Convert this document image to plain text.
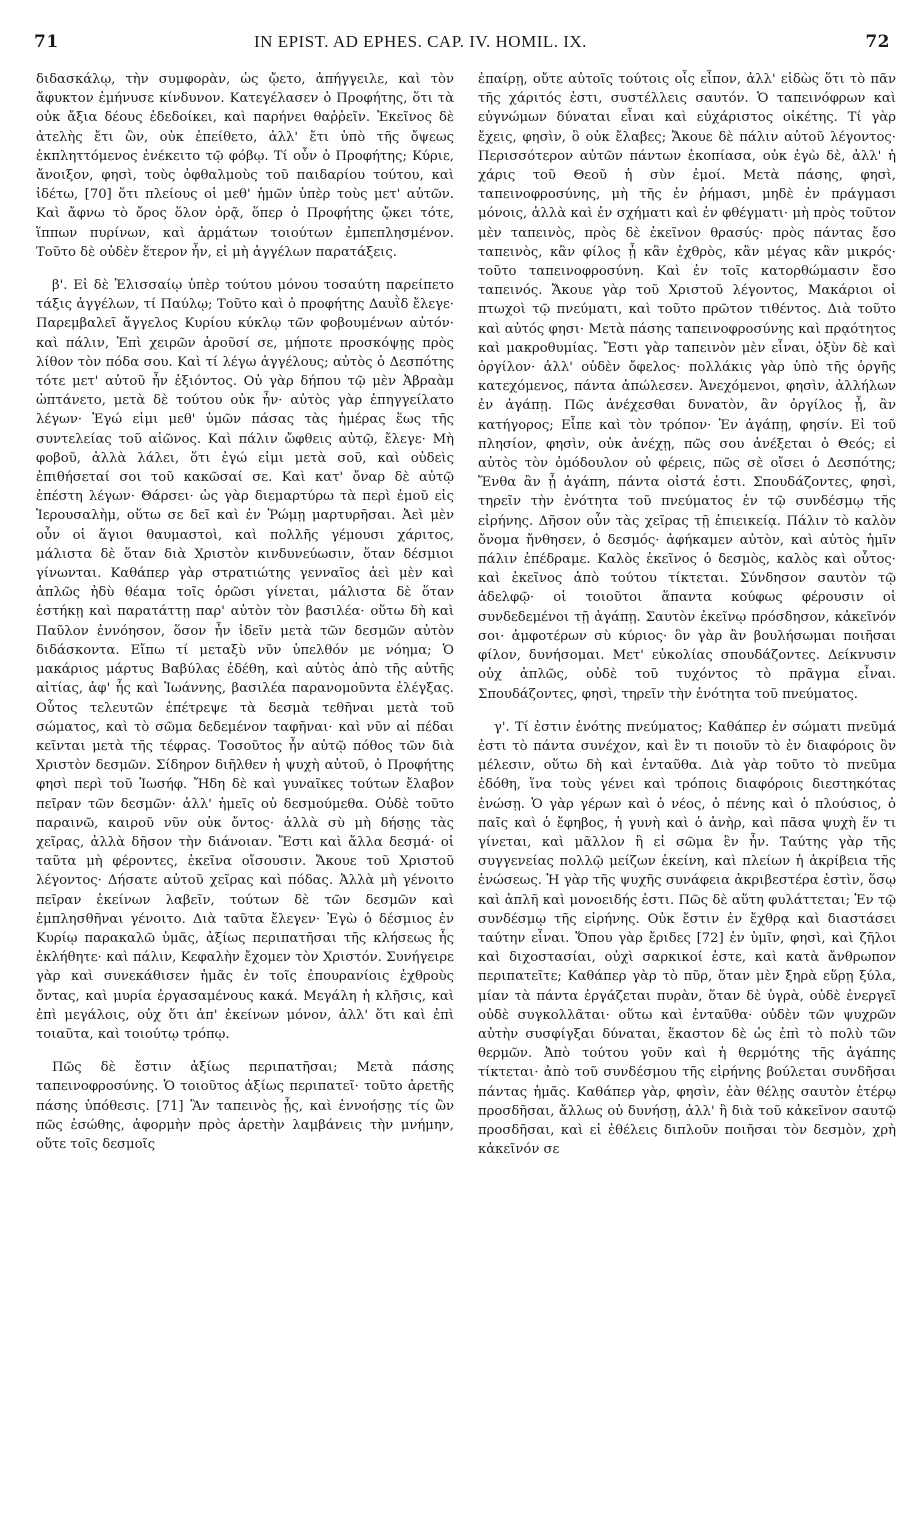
71	IN EPIST. AD EPHES. CAP. IV. HOMIL. IX.	72

διδασκάλῳ, τὴν συμφορὰν, ὡς ᾤετο, ἀπήγγειλε, καὶ τὸν ἄφυκτον ἐμήνυσε κίνδυνον. Κατεγέλασεν ὁ Προφήτης, ὅτι τὰ οὐκ ἄξια δέους ἐδεδοίκει, καὶ παρήνει θαῤῥεῖν. Ἐκεῖνος δὲ ἀτελὴς ἔτι ὢν, οὐκ ἐπείθετο, ἀλλ' ἔτι ὑπὸ τῆς ὄψεως ἐκπληττόμενος ἐνέκειτο τῷ φόβῳ. Τί οὖν ὁ Προφήτης; Κύριε, ἄνοιξον, φησὶ, τοὺς ὀφθαλμοὺς τοῦ παιδαρίου τούτου, καὶ ἰδέτω, [70] ὅτι πλείους οἱ μεθ' ἡμῶν ὑπὲρ τοὺς μετ' αὐτῶν. Καὶ ἄφνω τὸ ὄρος ὅλον ὁρᾷ, ὅπερ ὁ Προφήτης ᾤκει τότε, ἵππων πυρίνων, καὶ ἁρμάτων τοιούτων ἐμπεπλησμένον. Τοῦτο δὲ οὐδὲν ἕτερον ἦν, εἰ μὴ ἀγγέλων παρατάξεις.

β'. Εἰ δὲ Ἐλισσαίῳ ὑπὲρ τούτου μόνου τοσαύτη παρείπετο τάξις ἀγγέλων, τί Παύλῳ; Τοῦτο καὶ ὁ προφήτης Δαυῒδ ἔλεγε· Παρεμβαλεῖ ἄγγελος Κυρίου κύκλῳ τῶν φοβουμένων αὐτόν· καὶ πάλιν, Ἐπὶ χειρῶν ἀροῦσί σε, μήποτε προσκόψῃς πρὸς λίθον τὸν πόδα σου. Καὶ τί λέγω ἀγγέλους; αὐτὸς ὁ Δεσπότης τότε μετ' αὐτοῦ ἦν ἐξιόντος. Οὐ γὰρ δήπου τῷ μὲν Ἀβραὰμ ὠπτάνετο, μετὰ δὲ τούτου οὐκ ἦν· αὐτὸς γὰρ ἐπηγγείλατο λέγων· Ἐγώ εἰμι μεθ' ὑμῶν πάσας τὰς ἡμέρας ἕως τῆς συντελείας τοῦ αἰῶνος. Καὶ πάλιν ὤφθεις αὐτῷ, ἔλεγε· Μὴ φοβοῦ, ἀλλὰ λάλει, ὅτι ἐγώ εἰμι μετὰ σοῦ, καὶ οὐδεὶς ἐπιθήσεταί σοι τοῦ κακῶσαί σε. Καὶ κατ' ὄναρ δὲ αὐτῷ ἐπέστη λέγων· Θάρσει· ὡς γὰρ διεμαρτύρω τὰ περὶ ἐμοῦ εἰς Ἱερουσαλὴμ, οὕτω σε δεῖ καὶ ἐν Ῥώμῃ μαρτυρῆσαι. Ἀεὶ μὲν οὖν οἱ ἅγιοι θαυμαστοὶ, καὶ πολλῆς γέμουσι χάριτος, μάλιστα δὲ ὅταν διὰ Χριστὸν κινδυνεύωσιν, ὅταν δέσμιοι γίνωνται. Καθάπερ γὰρ στρατιώτης γενναῖος ἀεὶ μὲν καὶ ἁπλῶς ἡδὺ θέαμα τοῖς ὁρῶσι γίνεται, μάλιστα δὲ ὅταν ἑστήκῃ καὶ παρατάττῃ παρ' αὐτὸν τὸν βασιλέα· οὕτω δὴ καὶ Παῦλον ἐννόησον, ὅσον ἦν ἰδεῖν μετὰ τῶν δεσμῶν αὐτὸν διδάσκοντα. Εἴπω τί μεταξὺ νῦν ὑπελθόν με νόημα; Ὁ μακάριος μάρτυς Βαβύλας ἐδέθη, καὶ αὐτὸς ἀπὸ τῆς αὐτῆς αἰτίας, ἀφ' ἧς καὶ Ἰωάννης, βασιλέα παρανομοῦντα ἐλέγξας. Οὗτος τελευτῶν ἐπέτρεψε τὰ δεσμὰ τεθῆναι μετὰ τοῦ σώματος, καὶ τὸ σῶμα δεδεμένον ταφῆναι· καὶ νῦν αἱ πέδαι κεῖνται μετὰ τῆς τέφρας. Τοσοῦτος ἦν αὐτῷ πόθος τῶν διὰ Χριστὸν δεσμῶν. Σίδηρον διῆλθεν ἡ ψυχὴ αὐτοῦ, ὁ Προφήτης φησὶ περὶ τοῦ Ἰωσήφ. Ἤδη δὲ καὶ γυναῖκες τούτων ἔλαβον πεῖραν τῶν δεσμῶν· ἀλλ' ἡμεῖς οὐ δεσμούμεθα. Οὐδὲ τοῦτο παραινῶ, καιροῦ νῦν οὐκ ὄντος· ἀλλὰ σὺ μὴ δήσῃς τὰς χεῖρας, ἀλλὰ δῆσον τὴν διάνοιαν. Ἔστι καὶ ἄλλα δεσμά· οἱ ταῦτα μὴ φέροντες, ἐκεῖνα οἴσουσιν. Ἄκουε τοῦ Χριστοῦ λέγοντος· Δήσατε αὐτοῦ χεῖρας καὶ πόδας. Ἀλλὰ μὴ γένοιτο πεῖραν ἐκείνων λαβεῖν, τούτων δὲ τῶν δεσμῶν καὶ ἐμπλησθῆναι γένοιτο. Διὰ ταῦτα ἔλεγεν· Ἐγὼ ὁ δέσμιος ἐν Κυρίῳ παρακαλῶ ὑμᾶς, ἀξίως περιπατῆσαι τῆς κλήσεως ἧς ἐκλήθητε· καὶ πάλιν, Κεφαλὴν ἔχομεν τὸν Χριστόν. Συνήγειρε γὰρ καὶ συνεκάθισεν ἡμᾶς ἐν τοῖς ἐπουρανίοις ἐχθροὺς ὄντας, καὶ μυρία ἐργασαμένους κακά. Μεγάλη ἡ κλῆσις, καὶ ἐπὶ μεγάλοις, οὐχ ὅτι ἀπ' ἐκείνων μόνον, ἀλλ' ὅτι καὶ ἐπὶ τοιαῦτα, καὶ τοιούτῳ τρόπῳ.

Πῶς δὲ ἔστιν ἀξίως περιπατῆσαι; Μετὰ πάσης ταπεινοφροσύνης. Ὁ τοιοῦτος ἀξίως περιπατεῖ· τοῦτο ἀρετῆς πάσης ὑπόθεσις. [71] Ἂν ταπεινὸς ᾖς, καὶ ἐννοήσῃς τίς ὢν πῶς ἐσώθης, ἀφορμὴν πρὸς ἀρετὴν λαμβάνεις τὴν μνήμην, οὔτε τοῖς δεσμοῖς

ἐπαίρῃ, οὔτε αὐτοῖς τούτοις οἷς εἶπον, ἀλλ' εἰδὼς ὅτι τὸ πᾶν τῆς χάριτός ἐστι, συστέλλεις σαυτόν. Ὁ ταπεινόφρων καὶ εὐγνώμων δύναται εἶναι καὶ εὐχάριστος οἰκέτης. Τί γὰρ ἔχεις, φησὶν, ὃ οὐκ ἔλαβες; Ἄκουε δὲ πάλιν αὐτοῦ λέγοντος· Περισσότερον αὐτῶν πάντων ἐκοπίασα, οὐκ ἐγὼ δὲ, ἀλλ' ἡ χάρις τοῦ Θεοῦ ἡ σὺν ἐμοί. Μετὰ πάσης, φησὶ, ταπεινοφροσύνης, μὴ τῆς ἐν ῥήμασι, μηδὲ ἐν πράγμασι μόνοις, ἀλλὰ καὶ ἐν σχήματι καὶ ἐν φθέγματι· μὴ πρὸς τοῦτον μὲν ταπεινὸς, πρὸς δὲ ἐκεῖνον θρασύς· πρὸς πάντας ἔσο ταπεινὸς, κἂν φίλος ᾖ κἂν ἐχθρὸς, κἂν μέγας κἂν μικρός· τοῦτο ταπεινοφροσύνη. Καὶ ἐν τοῖς κατορθώμασιν ἔσο ταπεινός. Ἄκουε γὰρ τοῦ Χριστοῦ λέγοντος, Μακάριοι οἱ πτωχοὶ τῷ πνεύματι, καὶ τοῦτο πρῶτον τιθέντος. Διὰ τοῦτο καὶ αὐτός φησι· Μετὰ πάσης ταπεινοφροσύνης καὶ πρᾳότητος καὶ μακροθυμίας. Ἔστι γὰρ ταπεινὸν μὲν εἶναι, ὀξὺν δὲ καὶ ὀργίλον· ἀλλ' οὐδὲν ὄφελος· πολλάκις γὰρ ὑπὸ τῆς ὀργῆς κατεχόμενος, πάντα ἀπώλεσεν. Ἀνεχόμενοι, φησὶν, ἀλλήλων ἐν ἀγάπῃ. Πῶς ἀνέχεσθαι δυνατὸν, ἂν ὀργίλος ᾖ, ἂν κατήγορος; Εἶπε καὶ τὸν τρόπον· Ἐν ἀγάπῃ, φησίν. Εἰ τοῦ πλησίον, φησὶν, οὐκ ἀνέχῃ, πῶς σου ἀνέξεται ὁ Θεός; εἰ αὐτὸς τὸν ὁμόδουλον οὐ φέρεις, πῶς σὲ οἴσει ὁ Δεσπότης; Ἔνθα ἂν ᾖ ἀγάπη, πάντα οἰστά ἐστι. Σπουδάζοντες, φησὶ, τηρεῖν τὴν ἑνότητα τοῦ πνεύματος ἐν τῷ συνδέσμῳ τῆς εἰρήνης. Δῆσον οὖν τὰς χεῖρας τῇ ἐπιεικείᾳ. Πάλιν τὸ καλὸν ὄνομα ἤνθησεν, ὁ δεσμός· ἀφήκαμεν αὐτὸν, καὶ αὐτὸς ἡμῖν πάλιν ἐπέδραμε. Καλὸς ἐκεῖνος ὁ δεσμὸς, καλὸς καὶ οὗτος· καὶ ἐκεῖνος ἀπὸ τούτου τίκτεται. Σύνδησον σαυτὸν τῷ ἀδελφῷ· οἱ τοιοῦτοι ἅπαντα κούφως φέρουσιν οἱ συνδεδεμένοι τῇ ἀγάπῃ. Σαυτὸν ἐκεῖνῳ πρόσδησον, κἀκεῖνόν σοι· ἀμφοτέρων σὺ κύριος· ὃν γὰρ ἂν βουλήσωμαι ποιῆσαι φίλον, δυνήσομαι. Μετ' εὐκολίας σπουδάζοντες. Δείκνυσιν οὐχ ἁπλῶς, οὐδὲ τοῦ τυχόντος τὸ πρᾶγμα εἶναι. Σπουδάζοντες, φησὶ, τηρεῖν τὴν ἑνότητα τοῦ πνεύματος.

γ'. Τί ἐστιν ἑνότης πνεύματος; Καθάπερ ἐν σώματι πνεῦμά ἐστι τὸ πάντα συνέχον, καὶ ἓν τι ποιοῦν τὸ ἐν διαφόροις ὂν μέλεσιν, οὕτω δὴ καὶ ἐνταῦθα. Διὰ γὰρ τοῦτο τὸ πνεῦμα ἐδόθη, ἵνα τοὺς γένει καὶ τρόποις διαφόροις διεστηκότας ἑνώσῃ. Ὁ γὰρ γέρων καὶ ὁ νέος, ὁ πένης καὶ ὁ πλούσιος, ὁ παῖς καὶ ὁ ἔφηβος, ἡ γυνὴ καὶ ὁ ἀνὴρ, καὶ πᾶσα ψυχὴ ἕν τι γίνεται, καὶ μᾶλλον ἢ εἰ σῶμα ἓν ἦν. Ταύτης γὰρ τῆς συγγενείας πολλῷ μείζων ἐκείνη, καὶ πλείων ἡ ἀκρίβεια τῆς ἑνώσεως. Ἡ γὰρ τῆς ψυχῆς συνάφεια ἀκριβεστέρα ἐστὶν, ὅσῳ καὶ ἁπλῆ καὶ μονοειδής ἐστι. Πῶς δὲ αὕτη φυλάττεται; Ἐν τῷ συνδέσμῳ τῆς εἰρήνης. Οὐκ ἔστιν ἐν ἔχθρᾳ καὶ διαστάσει ταύτην εἶναι. Ὅπου γὰρ ἔριδες [72] ἐν ὑμῖν, φησὶ, καὶ ζῆλοι καὶ διχοστασίαι, οὐχὶ σαρκικοί ἐστε, καὶ κατὰ ἄνθρωπον περιπατεῖτε; Καθάπερ γὰρ τὸ πῦρ, ὅταν μὲν ξηρὰ εὕρῃ ξύλα, μίαν τὰ πάντα ἐργάζεται πυρὰν, ὅταν δὲ ὑγρὰ, οὐδὲ ἐνεργεῖ οὐδὲ συγκολλᾶται· οὕτω καὶ ἐνταῦθα· οὐδὲν τῶν ψυχρῶν αὐτὴν συσφίγξαι δύναται, ἕκαστον δὲ ὡς ἐπὶ τὸ πολὺ τῶν θερμῶν. Ἀπὸ τούτου γοῦν καὶ ἡ θερμότης τῆς ἀγάπης τίκτεται· ἀπὸ τοῦ συνδέσμου τῆς εἰρήνης βούλεται συνδῆσαι πάντας ἡμᾶς. Καθάπερ γὰρ, φησὶν, ἐὰν θέλῃς σαυτὸν ἑτέρῳ προσδῆσαι, ἄλλως οὐ δυνήσῃ, ἀλλ' ἢ διὰ τοῦ κἀκεῖνον σαυτῷ προσδῆσαι, καὶ εἰ ἐθέλεις διπλοῦν ποιῆσαι τὸν δεσμὸν, χρὴ κἀκεῖνόν σε
